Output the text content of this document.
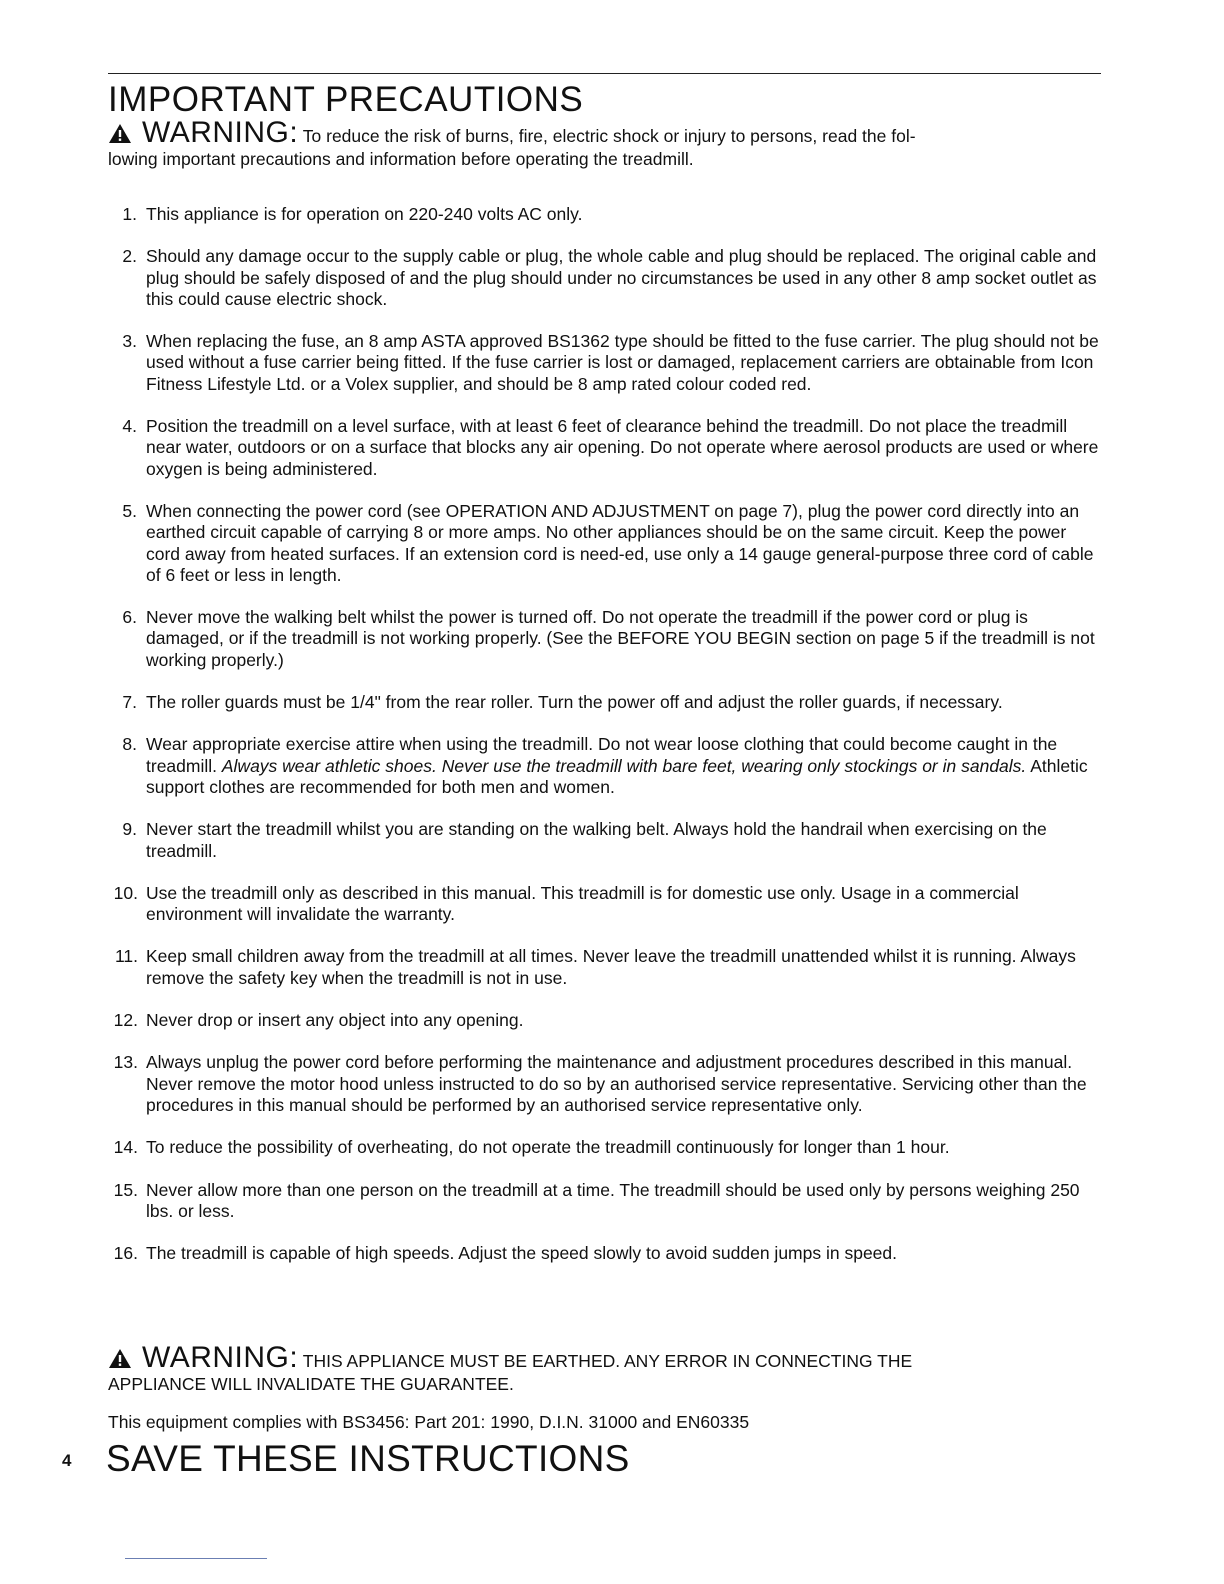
IMPORTANT PRECAUTIONS
WARNING: To reduce the risk of burns, fire, electric shock or injury to persons, read the fol-
lowing important precautions and information before operating the treadmill.
1. This appliance is for operation on 220-240 volts AC only.
2. Should any damage occur to the supply cable or plug, the whole cable and plug should be replaced. The original cable and plug should be safely disposed of and the plug should under no circumstances be used in any other 8 amp socket outlet as this could cause electric shock.
3. When replacing the fuse, an 8 amp ASTA approved BS1362 type should be fitted to the fuse carrier. The plug should not be used without a fuse carrier being fitted. If the fuse carrier is lost or damaged, replacement carriers are obtainable from Icon Fitness Lifestyle Ltd. or a Volex supplier, and should be 8 amp rated colour coded red.
4. Position the treadmill on a level surface, with at least 6 feet of clearance behind the treadmill. Do not place the treadmill near water, outdoors or on a surface that blocks any air opening. Do not operate where aerosol products are used or where oxygen is being administered.
5. When connecting the power cord (see OPERATION AND ADJUSTMENT on page 7), plug the power cord directly into an earthed circuit capable of carrying 8 or more amps. No other appliances should be on the same circuit. Keep the power cord away from heated surfaces. If an extension cord is need-ed, use only a 14 gauge general-purpose three cord of cable of 6 feet or less in length.
6. Never move the walking belt whilst the power is turned off. Do not operate the treadmill if the power cord or plug is damaged, or if the treadmill is not working properly. (See the BEFORE YOU BEGIN section on page 5 if the treadmill is not working properly.)
7. The roller guards must be 1/4" from the rear roller. Turn the power off and adjust the roller guards, if necessary.
8. Wear appropriate exercise attire when using the treadmill. Do not wear loose clothing that could become caught in the treadmill. Always wear athletic shoes. Never use the treadmill with bare feet, wearing only stockings or in sandals. Athletic support clothes are recommended for both men and women.
9. Never start the treadmill whilst you are standing on the walking belt. Always hold the handrail when exercising on the treadmill.
10. Use the treadmill only as described in this manual. This treadmill is for domestic use only. Usage in a commercial environment will invalidate the warranty.
11. Keep small children away from the treadmill at all times. Never leave the treadmill unattended whilst it is running. Always remove the safety key when the treadmill is not in use.
12. Never drop or insert any object into any opening.
13. Always unplug the power cord before performing the maintenance and adjustment procedures described in this manual. Never remove the motor hood unless instructed to do so by an authorised service representative. Servicing other than the procedures in this manual should be performed by an authorised service representative only.
14. To reduce the possibility of overheating, do not operate the treadmill continuously for longer than 1 hour.
15. Never allow more than one person on the treadmill at a time. The treadmill should be used only by persons weighing 250 lbs. or less.
16. The treadmill is capable of high speeds. Adjust the speed slowly to avoid sudden jumps in speed.
WARNING: THIS APPLIANCE MUST BE EARTHED. ANY ERROR IN CONNECTING THE
APPLIANCE WILL INVALIDATE THE GUARANTEE.
This equipment complies with BS3456: Part 201: 1990, D.I.N. 31000 and EN60335
4 SAVE THESE INSTRUCTIONS
